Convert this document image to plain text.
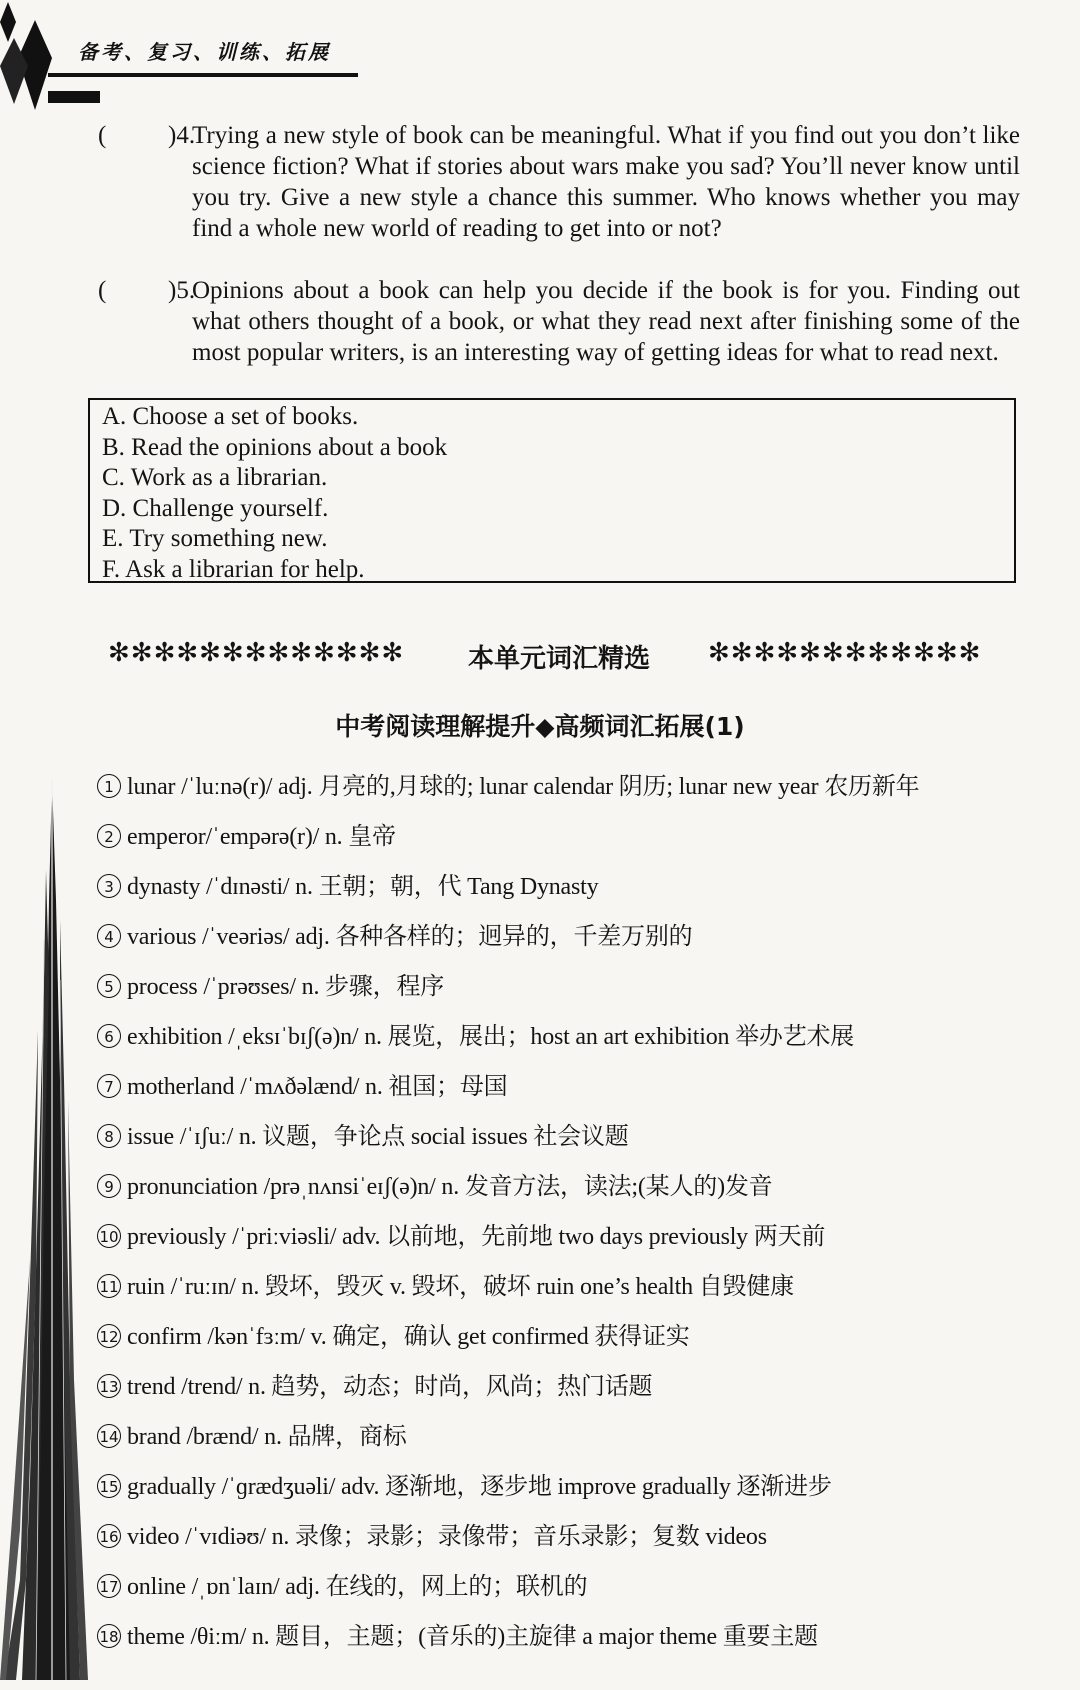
备考、复习、训练、拓展
( )4.
Trying a new style of book can be meaningful. What if you find out you don’t like science fiction? What if stories about wars make you sad? You’ll never know until you try. Give a new style a chance this summer. Who knows whether you may find a whole new world of reading to get into or not?
( )5.
Opinions about a book can help you decide if the book is for you. Finding out what others thought of a book, or what they read next after finishing some of the most popular writers, is an interesting way of getting ideas for what to read next.
A. Choose a set of books.
B. Read the opinions about a book
C. Work as a librarian.
D. Challenge yourself.
E. Try something new.
F. Ask a librarian for help.
✻✻✻✻✻✻✻✻✻✻✻✻✻ 本单元词汇精选 ✻✻✻✻✻✻✻✻✻✻✻✻
中考阅读理解提升◆高频词汇拓展(1)
1 lunar /ˈluːnə(r)/ adj. 月亮的,月球的; lunar calendar 阴历; lunar new year 农历新年
2 emperor/ˈempərə(r)/ n. 皇帝
3 dynasty /ˈdɪnəsti/ n. 王朝；朝，代 Tang Dynasty
4 various /ˈveəriəs/ adj. 各种各样的；迥异的，千差万别的
5 process /ˈprəʊses/ n. 步骤，程序
6 exhibition /ˌeksɪˈbɪʃ(ə)n/ n. 展览，展出；host an art exhibition 举办艺术展
7 motherland /ˈmʌðəlænd/ n. 祖国；母国
8 issue /ˈɪʃuː/ n. 议题，争论点 social issues 社会议题
9 pronunciation /prəˌnʌnsiˈeɪʃ(ə)n/ n. 发音方法，读法;(某人的)发音
10 previously /ˈpriːviəsli/ adv. 以前地，先前地 two days previously 两天前
11 ruin /ˈruːɪn/ n. 毁坏，毁灭 v. 毁坏，破坏 ruin one’s health 自毁健康
12 confirm /kənˈfɜːm/ v. 确定，确认 get confirmed 获得证实
13 trend /trend/ n. 趋势，动态；时尚，风尚；热门话题
14 brand /brænd/ n. 品牌，商标
15 gradually /ˈɡrædʒuəli/ adv. 逐渐地，逐步地 improve gradually 逐渐进步
16 video /ˈvɪdiəʊ/ n. 录像；录影；录像带；音乐录影；复数 videos
17 online /ˌɒnˈlaɪn/ adj. 在线的，网上的；联机的
18 theme /θiːm/ n. 题目，主题；(音乐的)主旋律 a major theme 重要主题
